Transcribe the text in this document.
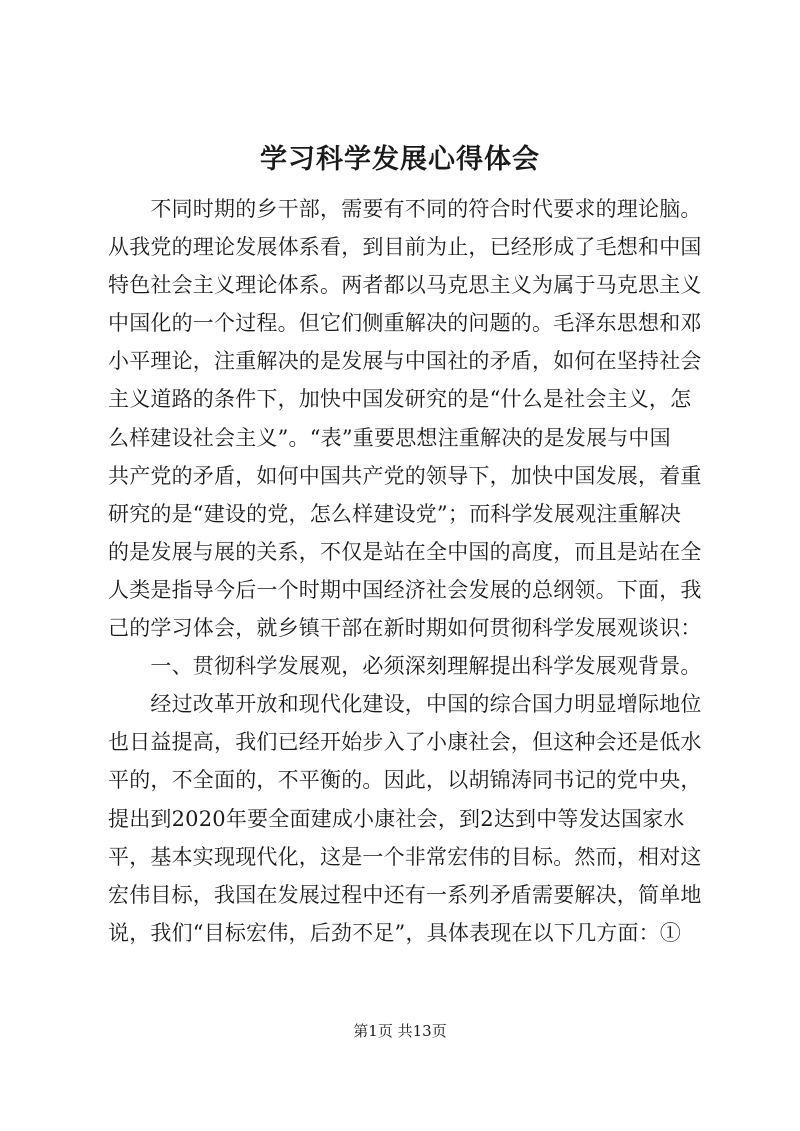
学习科学发展心得体会
　　不同时期的乡干部，需要有不同的符合时代要求的理论脑。
从我党的理论发展体系看，到目前为止，已经形成了毛想和中国
特色社会主义理论体系。两者都以马克思主义为属于马克思主义
中国化的一个过程。但它们侧重解决的问题的。毛泽东思想和邓
小平理论，注重解决的是发展与中国社的矛盾，如何在坚持社会
主义道路的条件下，加快中国发研究的是“什么是社会主义，怎
么样建设社会主义”。“表”重要思想注重解决的是发展与中国
共产党的矛盾，如何中国共产党的领导下，加快中国发展，着重
研究的是“建设的党，怎么样建设党”；而科学发展观注重解决
的是发展与展的关系，不仅是站在全中国的高度，而且是站在全
人类是指导今后一个时期中国经济社会发展的总纲领。下面，我
己的学习体会，就乡镇干部在新时期如何贯彻科学发展观谈识：
　　一、贯彻科学发展观，必须深刻理解提出科学发展观背景。
　　经过改革开放和现代化建设，中国的综合国力明显增际地位
也日益提高，我们已经开始步入了小康社会，但这种会还是低水
平的，不全面的，不平衡的。因此，以胡锦涛同书记的党中央，
提出到2020年要全面建成小康社会，到2达到中等发达国家水
平，基本实现现代化，这是一个非常宏伟的目标。然而，相对这
宏伟目标，我国在发展过程中还有一系列矛盾需要解决，简单地
说，我们“目标宏伟，后劲不足”，具体表现在以下几方面：①
第1页 共13页
